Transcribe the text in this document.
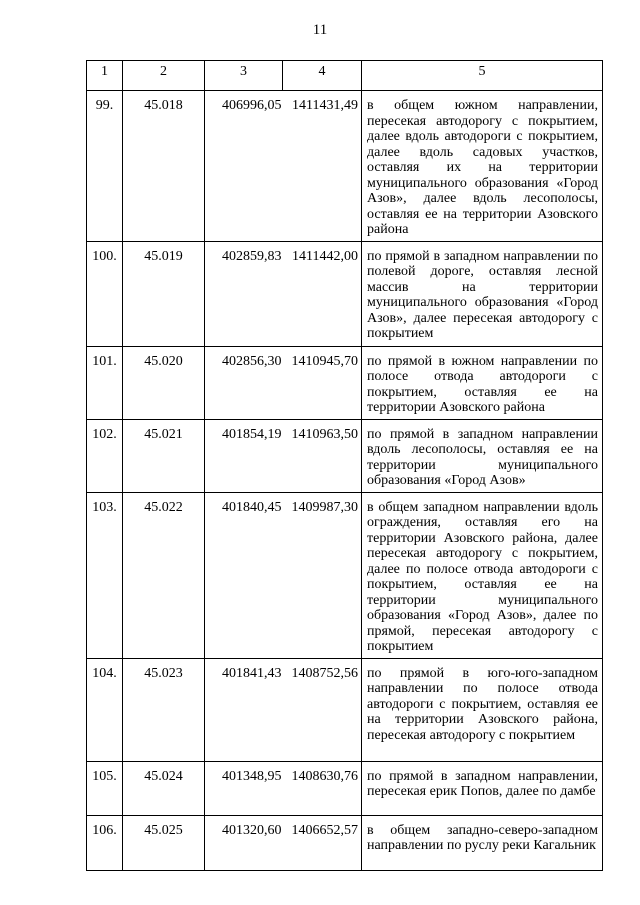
11
1	2	3	4	5
99.	45.018	406996,05	1411431,49	в общем южном направлении, пересекая автодорогу с покрытием, далее вдоль автодороги с покрытием, далее вдоль садовых участков, оставляя их на территории муниципального образования «Город Азов», далее вдоль лесополосы, оставляя ее на территории Азовского района
100.	45.019	402859,83	1411442,00	по прямой в западном направлении по полевой дороге, оставляя лесной массив на территории муниципального образования «Город Азов», далее пересекая автодорогу с покрытием
101.	45.020	402856,30	1410945,70	по прямой в южном направлении по полосе отвода автодороги с покрытием, оставляя ее на территории Азовского района
102.	45.021	401854,19	1410963,50	по прямой в западном направлении вдоль лесополосы, оставляя ее на территории муниципального образования «Город Азов»
103.	45.022	401840,45	1409987,30	в общем западном направлении вдоль ограждения, оставляя его на территории Азовского района, далее пересекая автодорогу с покрытием, далее по полосе отвода автодороги с покрытием, оставляя ее на территории муниципального образования «Город Азов», далее по прямой, пересекая автодорогу с покрытием
104.	45.023	401841,43	1408752,56	по прямой в юго-юго-западном направлении по полосе отвода автодороги с покрытием, оставляя ее на территории Азовского района, пересекая автодорогу с покрытием
105.	45.024	401348,95	1408630,76	по прямой в западном направлении, пересекая ерик Попов, далее по дамбе
106.	45.025	401320,60	1406652,57	в общем западно-северо-западном направлении по руслу реки Кагальник
